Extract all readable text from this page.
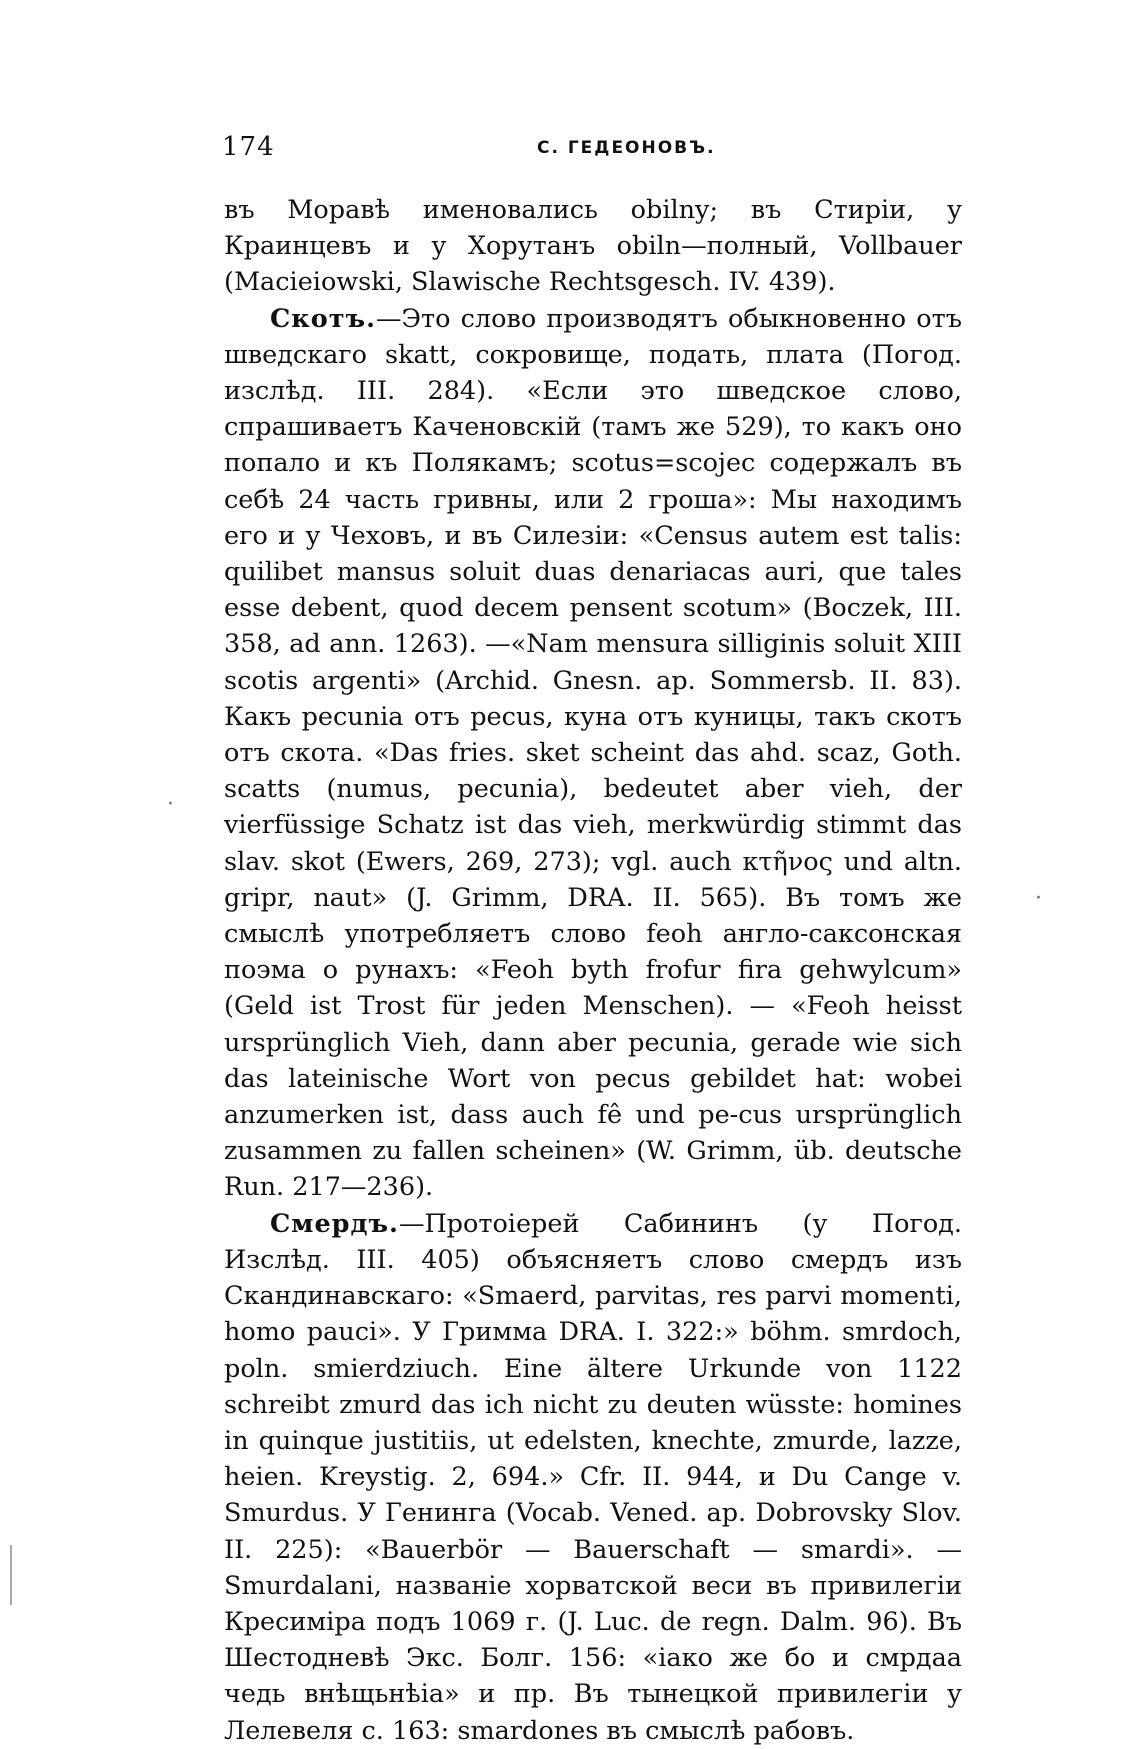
174	С. ГЕДЕОНОВЪ.

въ Моравѣ именовались obilny; въ Стиріи, у Краинцевъ и у Хорутанъ obiln—полный, Vollbauer (Macieiowski, Slawische Rechtsgesch. IV. 439).

Скотъ.—Это слово производятъ обыкновенно отъ шведскаго skatt, сокровище, подать, плата (Погод. изслѣд. III. 284). «Если это шведское слово, спрашиваетъ Каченовскій (тамъ же 529), то какъ оно попало и къ Полякамъ; scotus=scojec содержалъ въ себѣ 24 часть гривны, или 2 гроша»: Мы находимъ его и у Чеховъ, и въ Силезіи: «Census autem est talis: quilibet mansus soluit duas denariacas auri, que tales esse debent, quod decem pensent scotum» (Boczek, III. 358, ad ann. 1263). —«Nam mensura silliginis soluit XIII scotis argenti» (Archid. Gnesn. ap. Sommersb. II. 83). Какъ pecunia отъ pecus, куна отъ куницы, такъ скотъ отъ скота. «Das fries. sket scheint das ahd. scaz, Goth. scatts (numus, pecunia), bedeutet aber vieh, der vierfüssige Schatz ist das vieh, merkwürdig stimmt das slav. skot (Ewers, 269, 273); vgl. auch κτῆνος und altn. gripr, naut» (J. Grimm, DRA. II. 565). Въ томъ же смыслѣ употребляетъ слово feoh англо-саксонская поэма о рунахъ: «Feoh byth frofur fira gehwylcum» (Geld ist Trost für jeden Menschen). — «Feoh heisst ursprünglich Vieh, dann aber pecunia, gerade wie sich das lateinische Wort von pecus gebildet hat: wobei anzumerken ist, dass auch fê und pe-cus ursprünglich zusammen zu fallen scheinen» (W. Grimm, üb. deutsche Run. 217—236).

Смердъ.—Протоіерей Сабининъ (у Погод. Изслѣд. III. 405) объясняетъ слово смердъ изъ Скандинавскаго: «Smaerd, parvitas, res parvi momenti, homo pauci». У Гримма DRA. I. 322:» böhm. smrdoch, poln. smierdziuch. Eine ältere Urkunde von 1122 schreibt zmurd das ich nicht zu deuten wüsste: homines in quinque justitiis, ut edelsten, knechte, zmurde, lazze, heien. Kreystig. 2, 694.» Cfr. II. 944, и Du Cange v. Smurdus. У Генинга (Vocab. Vened. ap. Dobrovsky Slov. II. 225): «Bauerbör — Bauerschaft — smardi». —Smurdalani, названіе хорватской веси въ привилегіи Кресиміра подъ 1069 г. (J. Luc. de regn. Dalm. 96). Въ Шестодневѣ Экс. Болг. 156: «іако же бо и смрдаа чедь внѣщьнѣіа» и пр. Въ тынецкой привилегіи у Лелевеля с. 163: smardones въ смыслѣ рабовъ.

·
·
